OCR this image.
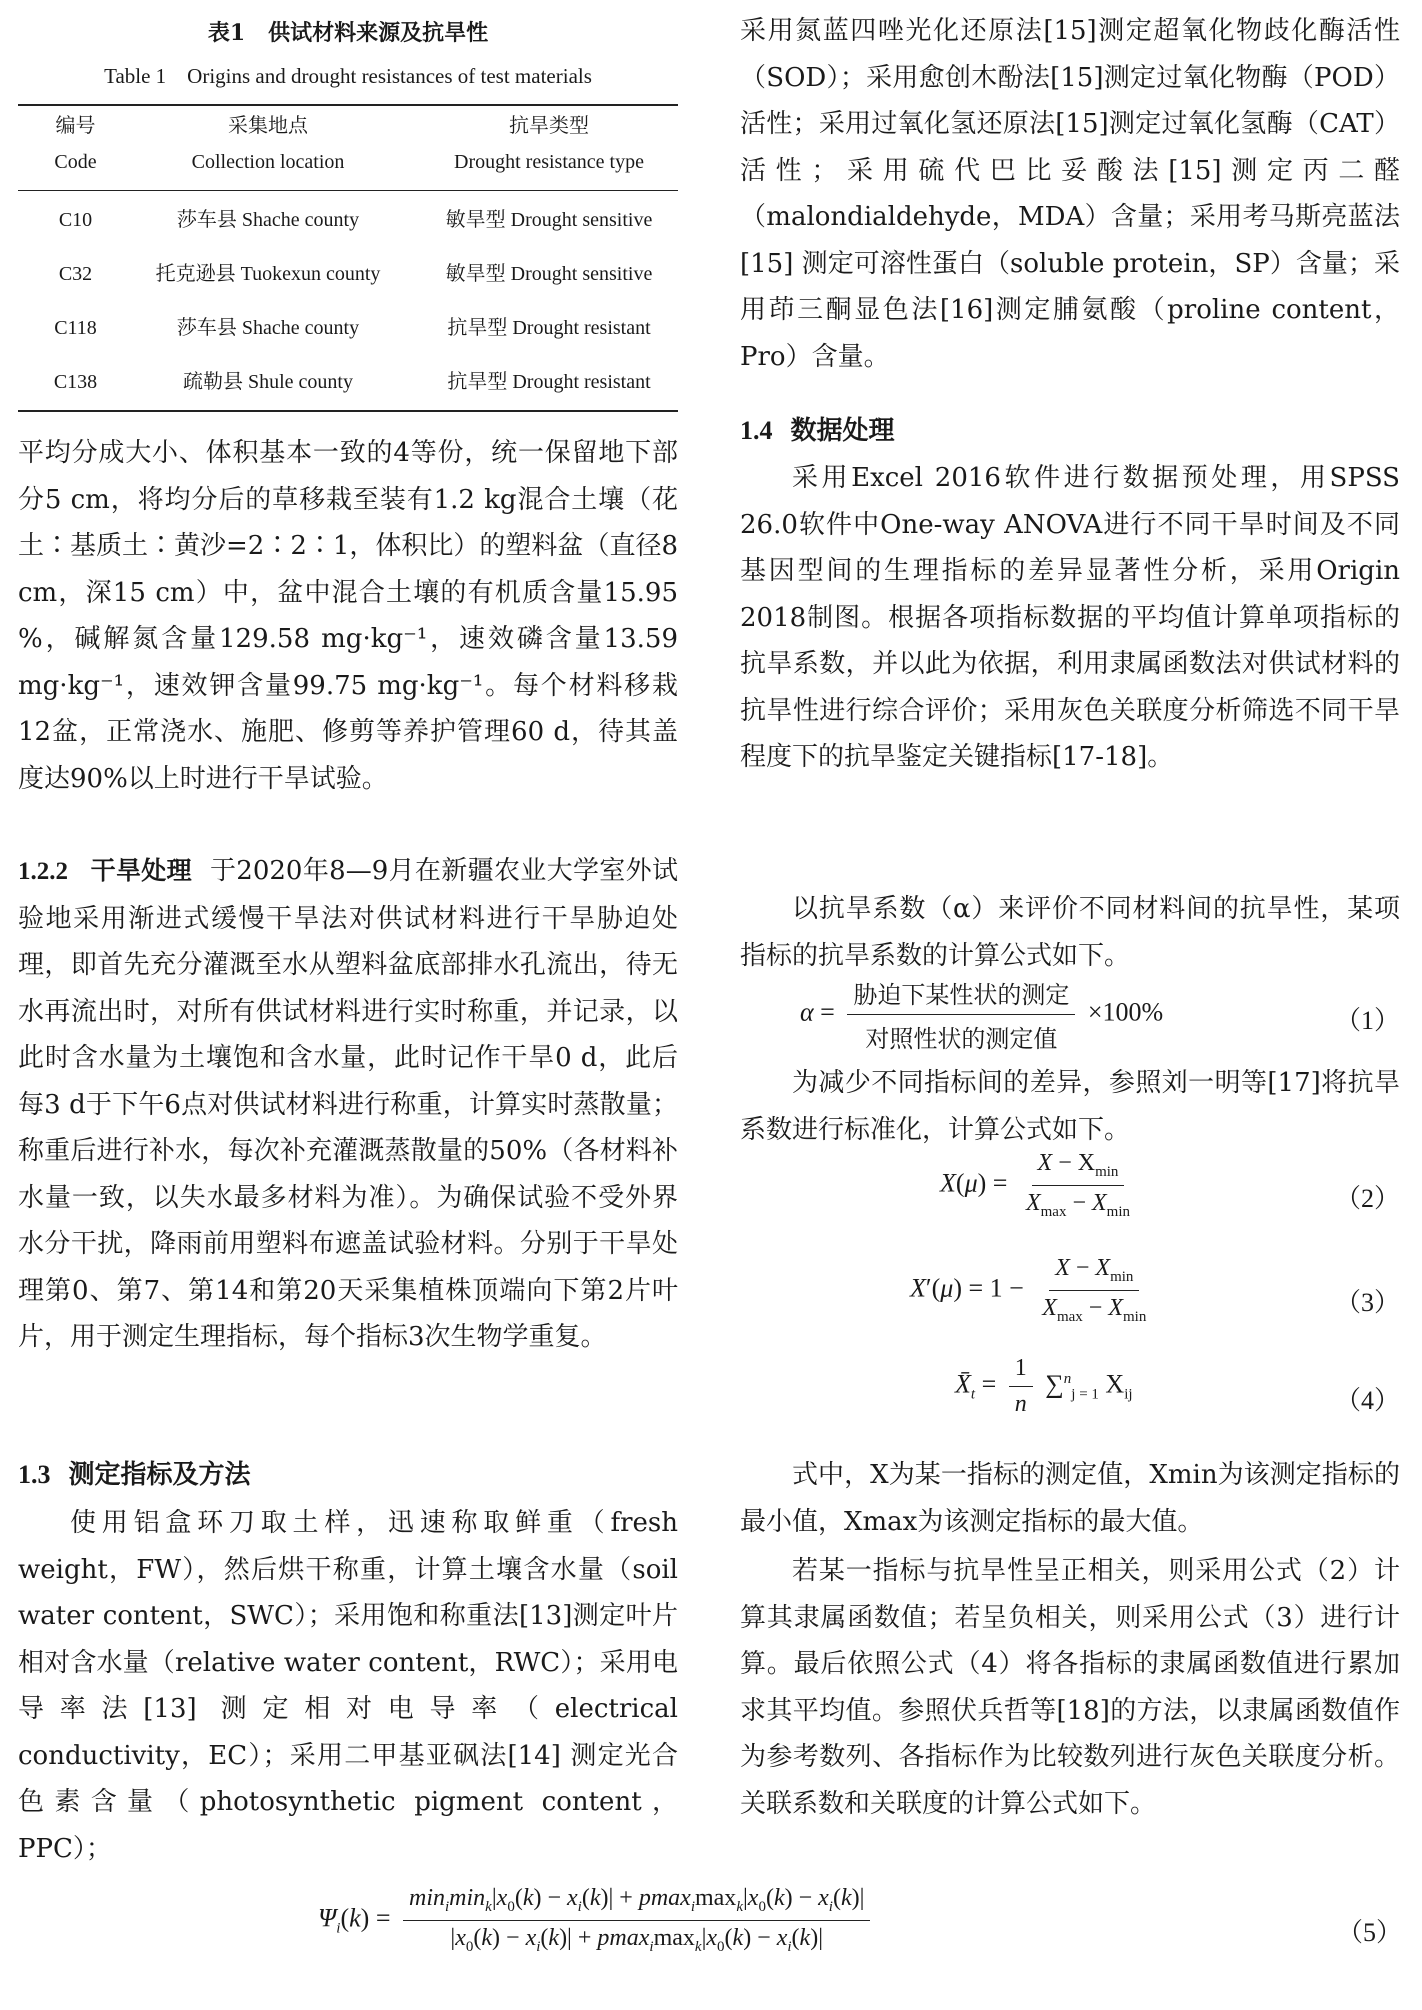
表1   供试材料来源及抗旱性
Table 1    Origins and drought resistances of test materials
编号	采集地点	抗旱类型
Code	Collection location	Drought resistance type
C10	莎车县 Shache county	敏旱型 Drought sensitive
C32	托克逊县 Tuokexun county	敏旱型 Drought sensitive
C118	莎车县 Shache county	抗旱型 Drought resistant
C138	疏勒县 Shule county	抗旱型 Drought resistant
平均分成大小、体积基本一致的4等份，统一保留地下部分5 cm，将均分后的草移栽至装有1.2 kg混合土壤（花土∶基质土∶黄沙=2∶2∶1，体积比）的塑料盆（直径8 cm，深15 cm）中，盆中混合土壤的有机质含量15.95 %，碱解氮含量129.58 mg·kg⁻¹，速效磷含量13.59 mg·kg⁻¹，速效钾含量99.75 mg·kg⁻¹。每个材料移栽12盆，正常浇水、施肥、修剪等养护管理60 d，待其盖度达90%以上时进行干旱试验。
1.2.2 干旱处理 于2020年8—9月在新疆农业大学室外试验地采用渐进式缓慢干旱法对供试材料进行干旱胁迫处理，即首先充分灌溉至水从塑料盆底部排水孔流出，待无水再流出时，对所有供试材料进行实时称重，并记录，以此时含水量为土壤饱和含水量，此时记作干旱0 d，此后每3 d于下午6点对供试材料进行称重，计算实时蒸散量；称重后进行补水，每次补充灌溉蒸散量的50%（各材料补水量一致，以失水最多材料为准）。为确保试验不受外界水分干扰，降雨前用塑料布遮盖试验材料。分别于干旱处理第0、第7、第14和第20天采集植株顶端向下第2片叶片，用于测定生理指标，每个指标3次生物学重复。
1.3 测定指标及方法
使用铝盒环刀取土样，迅速称取鲜重（fresh weight，FW），然后烘干称重，计算土壤含水量（soil water content，SWC）；采用饱和称重法[13]测定叶片相对含水量（relative water content，RWC）；采用电导率法[13] 测定相对电导率（electrical conductivity，EC）；采用二甲基亚砜法[14] 测定光合色素含量（photosynthetic pigment content，PPC）；
采用氮蓝四唑光化还原法[15]测定超氧化物歧化酶活性（SOD）；采用愈创木酚法[15]测定过氧化物酶（POD）活性；采用过氧化氢还原法[15]测定过氧化氢酶（CAT）活性；采用硫代巴比妥酸法[15]测定丙二醛（malondialdehyde，MDA）含量；采用考马斯亮蓝法[15] 测定可溶性蛋白（soluble protein，SP）含量；采用茚三酮显色法[16]测定脯氨酸（proline content，Pro）含量。
1.4 数据处理
采用Excel 2016软件进行数据预处理，用SPSS 26.0软件中One-way ANOVA进行不同干旱时间及不同基因型间的生理指标的差异显著性分析，采用Origin 2018制图。根据各项指标数据的平均值计算单项指标的抗旱系数，并以此为依据，利用隶属函数法对供试材料的抗旱性进行综合评价；采用灰色关联度分析筛选不同干旱程度下的抗旱鉴定关键指标[17-18]。
以抗旱系数（α）来评价不同材料间的抗旱性，某项指标的抗旱系数的计算公式如下。
$\alpha = \frac{\text{胁迫下某性状的测定}}{\text{对照性状的测定值}} \times 100\%$	（1）
为减少不同指标间的差异，参照刘一明等[17]将抗旱系数进行标准化，计算公式如下。
$X(\mu) = \frac{X - X_{min}}{X_{max} - X_{min}}$	（2）
$X'(\mu) = 1 - \frac{X - X_{min}}{X_{max} - X_{min}}$	（3）
$X̄_t = \frac{1}{n} \sum^n_{j = 1}$ $X_{ij}$	（4）
式中，X为某一指标的测定值，Xmin为该测定指标的最小值，Xmax为该测定指标的最大值。
若某一指标与抗旱性呈正相关，则采用公式（2）计算其隶属函数值；若呈负相关，则采用公式（3）进行计算。最后依照公式（4）将各指标的隶属函数值进行累加求其平均值。参照伏兵哲等[18]的方法，以隶属函数值作为参考数列、各指标作为比较数列进行灰色关联度分析。关联系数和关联度的计算公式如下。
$\Psi_i(k) = \frac{\min_i\min_k|x_0(k) - x_i(k)| + pmax_i\max_k|x_0(k) - x_i(k)|}{|x_0(k) - x_i(k)| + pmax_i\max_k|x_0(k) - x_i(k)|}$	（5）
